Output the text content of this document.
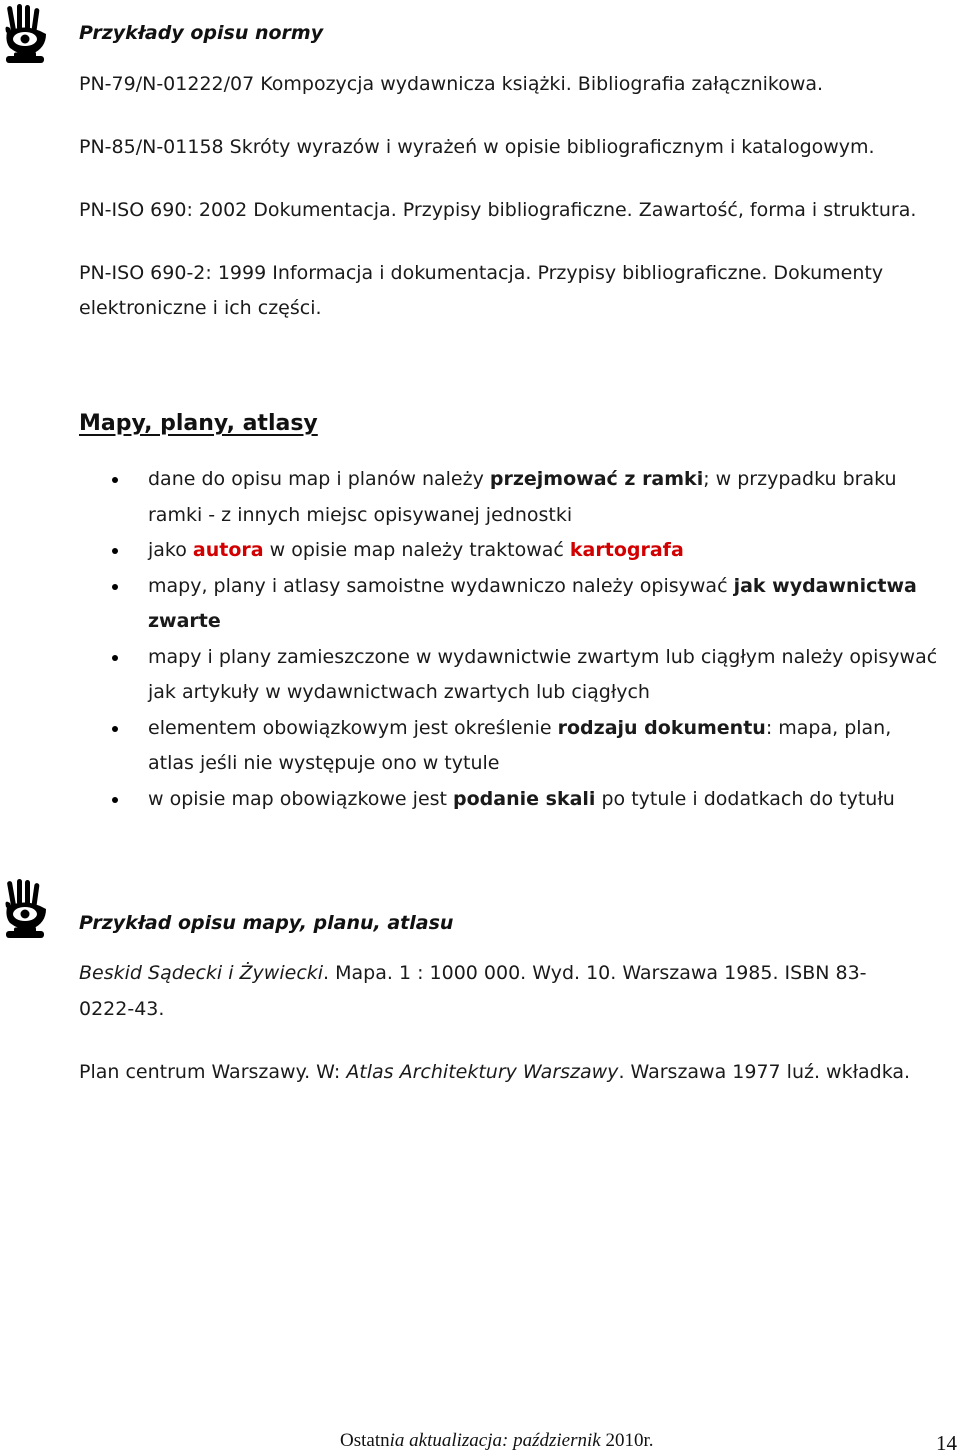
Przykłady opisu normy
PN-79/N-01222/07 Kompozycja wydawnicza książki. Bibliografia załącznikowa.
PN-85/N-01158 Skróty wyrazów i wyrażeń w opisie bibliograficznym i katalogowym.
PN-ISO 690: 2002 Dokumentacja. Przypisy bibliograficzne. Zawartość, forma i struktura.
PN-ISO 690-2: 1999 Informacja i dokumentacja. Przypisy bibliograficzne. Dokumenty
elektroniczne i ich części.
Mapy, plany, atlasy
dane do opisu map i planów należy przejmować z ramki; w przypadku braku
ramki - z innych miejsc opisywanej jednostki
jako autora w opisie map należy traktować kartografa
mapy, plany i atlasy samoistne wydawniczo należy opisywać jak wydawnictwa
zwarte
mapy i plany zamieszczone w wydawnictwie zwartym lub ciągłym należy opisywać
jak artykuły w wydawnictwach zwartych lub ciągłych
elementem obowiązkowym jest określenie rodzaju dokumentu: mapa, plan,
atlas jeśli nie występuje ono w tytule
w opisie map obowiązkowe jest podanie skali po tytule i dodatkach do tytułu
Przykład opisu mapy, planu, atlasu
Beskid Sądecki i Żywiecki. Mapa. 1 : 1000 000. Wyd. 10. Warszawa 1985. ISBN 83-
0222-43.
Plan centrum Warszawy. W: Atlas Architektury Warszawy. Warszawa 1977 luź. wkładka.
Ostatnia aktualizacja: październik 2010r.	14
